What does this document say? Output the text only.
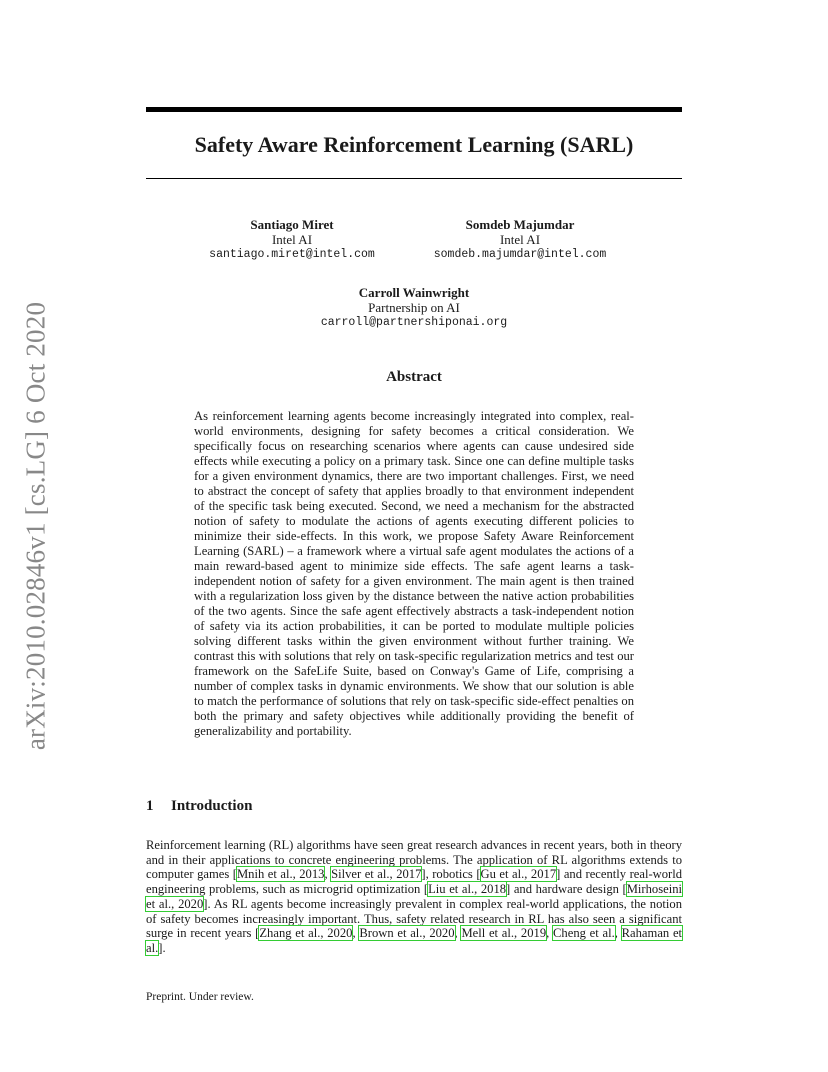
arXiv:2010.02846v1 [cs.LG] 6 Oct 2020
Safety Aware Reinforcement Learning (SARL)
Santiago Miret
Intel AI
santiago.miret@intel.com
Somdeb Majumdar
Intel AI
somdeb.majumdar@intel.com
Carroll Wainwright
Partnership on AI
carroll@partnershiponai.org
Abstract

As reinforcement learning agents become increasingly integrated into complex, real-world environments, designing for safety becomes a critical consideration. We specifically focus on researching scenarios where agents can cause undesired side effects while executing a policy on a primary task. Since one can define multiple tasks for a given environment dynamics, there are two important challenges. First, we need to abstract the concept of safety that applies broadly to that environment independent of the specific task being executed. Second, we need a mechanism for the abstracted notion of safety to modulate the actions of agents executing different policies to minimize their side-effects. In this work, we propose Safety Aware Reinforcement Learning (SARL) – a framework where a virtual safe agent modulates the actions of a main reward-based agent to minimize side effects. The safe agent learns a task-independent notion of safety for a given environment. The main agent is then trained with a regularization loss given by the distance between the native action probabilities of the two agents. Since the safe agent effectively abstracts a task-independent notion of safety via its action probabilities, it can be ported to modulate multiple policies solving different tasks within the given environment without further training. We contrast this with solutions that rely on task-specific regularization metrics and test our framework on the SafeLife Suite, based on Conway's Game of Life, comprising a number of complex tasks in dynamic environments. We show that our solution is able to match the performance of solutions that rely on task-specific side-effect penalties on both the primary and safety objectives while additionally providing the benefit of generalizability and portability.

1 Introduction

Reinforcement learning (RL) algorithms have seen great research advances in recent years, both in theory and in their applications to concrete engineering problems. The application of RL algorithms extends to computer games [Mnih et al., 2013, Silver et al., 2017], robotics [Gu et al., 2017] and recently real-world engineering problems, such as microgrid optimization [Liu et al., 2018] and hardware design [Mirhoseini et al., 2020]. As RL agents become increasingly prevalent in complex real-world applications, the notion of safety becomes increasingly important. Thus, safety related research in RL has also seen a significant surge in recent years [Zhang et al., 2020, Brown et al., 2020, Mell et al., 2019, Cheng et al., Rahaman et al.].

Preprint. Under review.
